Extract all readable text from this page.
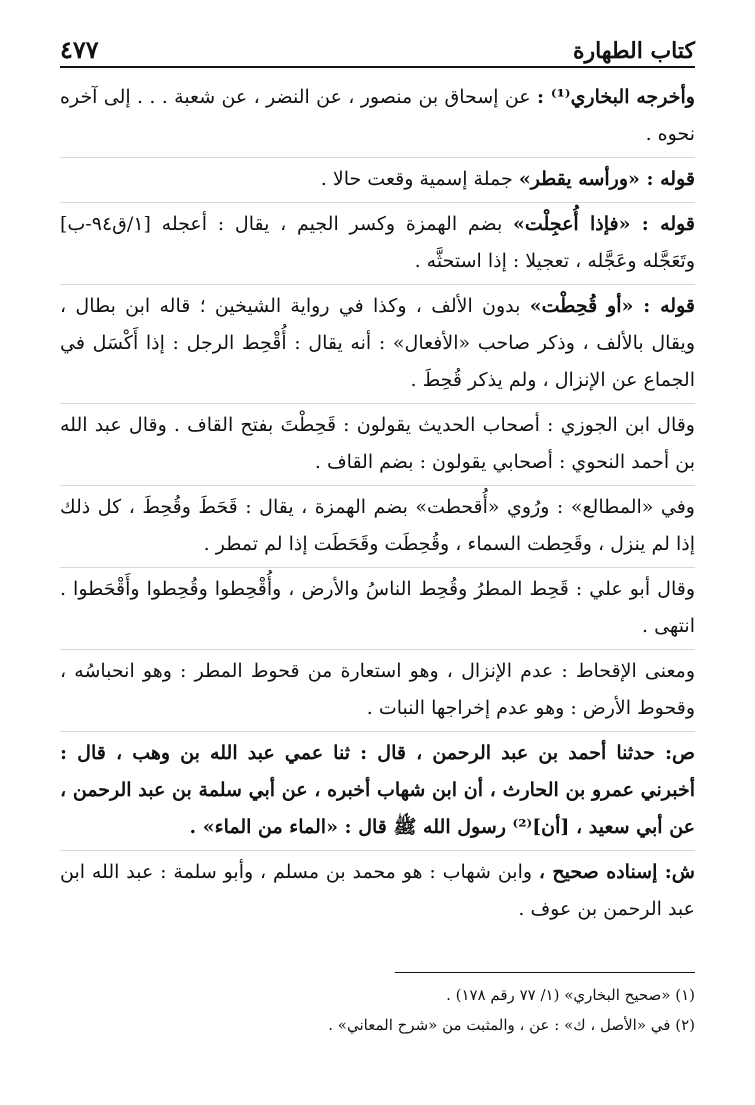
كتاب الطهارة
٤٧٧

وأخرجه البخاري⁽¹⁾ : عن إسحاق بن منصور ، عن النضر ، عن شعبة . . . إلى آخره نحوه .

قوله : «ورأسه يقطر» جملة إسمية وقعت حالا .

قوله : «فإذا أُعجِلْت» بضم الهمزة وكسر الجيم ، يقال : أعجله [١/ق٩٤-ب] وتَعَجَّله وعَجَّله ، تعجيلا : إذا استحثَّه .

قوله : «أو قُحِطْت» بدون الألف ، وكذا في رواية الشيخين ؛ قاله ابن بطال ، ويقال بالألف ، وذكر صاحب «الأفعال» : أنه يقال : أُقْحِط الرجل : إذا أَكْسَل في الجماع عن الإنزال ، ولم يذكر قُحِطَ .

وقال ابن الجوزي : أصحاب الحديث يقولون : قَحِطْتَ بفتح القاف . وقال عبد الله بن أحمد النحوي : أصحابي يقولون : بضم القاف .

وفي «المطالع» : ورُوي «أُقحطت» بضم الهمزة ، يقال : قَحَطَ وقُحِطَ ، كل ذلك إذا لم ينزل ، وقَحِطت السماء ، وقُحِطَت وقَحَطَت إذا لم تمطر .

وقال أبو علي : قَحِط المطرُ وقُحِط الناسُ والأرض ، وأُقْحِطوا وقُحِطوا وأَقْحَطوا . انتهى .

ومعنى الإقحاط : عدم الإنزال ، وهو استعارة من قحوط المطر : وهو انحباسُه ، وقحوط الأرض : وهو عدم إخراجها النبات .

ص: حدثنا أحمد بن عبد الرحمن ، قال : ثنا عمي عبد الله بن وهب ، قال : أخبرني عمرو بن الحارث ، أن ابن شهاب أخبره ، عن أبي سلمة بن عبد الرحمن ، عن أبي سعيد ، [أن]⁽²⁾ رسول الله ﷺ قال : «الماء من الماء» .

ش: إسناده صحيح ، وابن شهاب : هو محمد بن مسلم ، وأبو سلمة : عبد الله ابن عبد الرحمن بن عوف .

(١) «صحيح البخاري» (١/ ٧٧ رقم ١٧٨) .

(٢) في «الأصل ، ك» : عن ، والمثبت من «شرح المعاني» .
